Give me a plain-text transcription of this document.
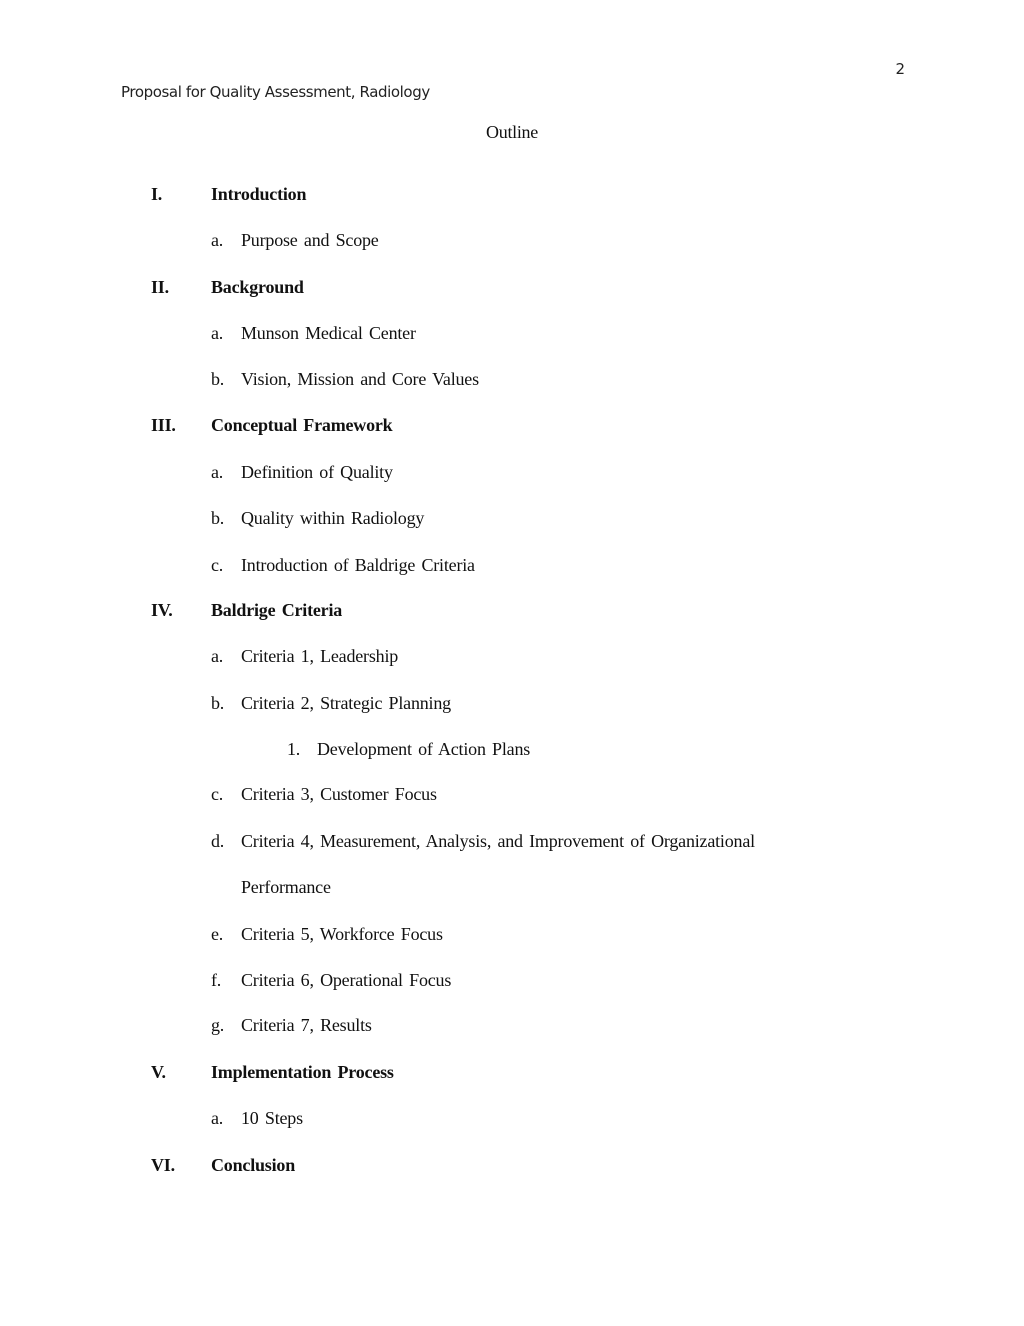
2
Proposal for Quality Assessment, Radiology
Outline
I.	Introduction
a. Purpose and Scope
II. Background
a. Munson Medical Center
b. Vision, Mission and Core Values
III. Conceptual Framework
a. Definition of Quality
b. Quality within Radiology
c. Introduction of Baldrige Criteria
IV. Baldrige Criteria
a. Criteria 1, Leadership
b. Criteria 2, Strategic Planning
1. Development of Action Plans
c. Criteria 3, Customer Focus
d. Criteria 4, Measurement, Analysis, and Improvement of Organizational
Performance
e. Criteria 5, Workforce Focus
f. Criteria 6, Operational Focus
g. Criteria 7, Results
V.	Implementation Process
a. 10 Steps
VI. Conclusion
